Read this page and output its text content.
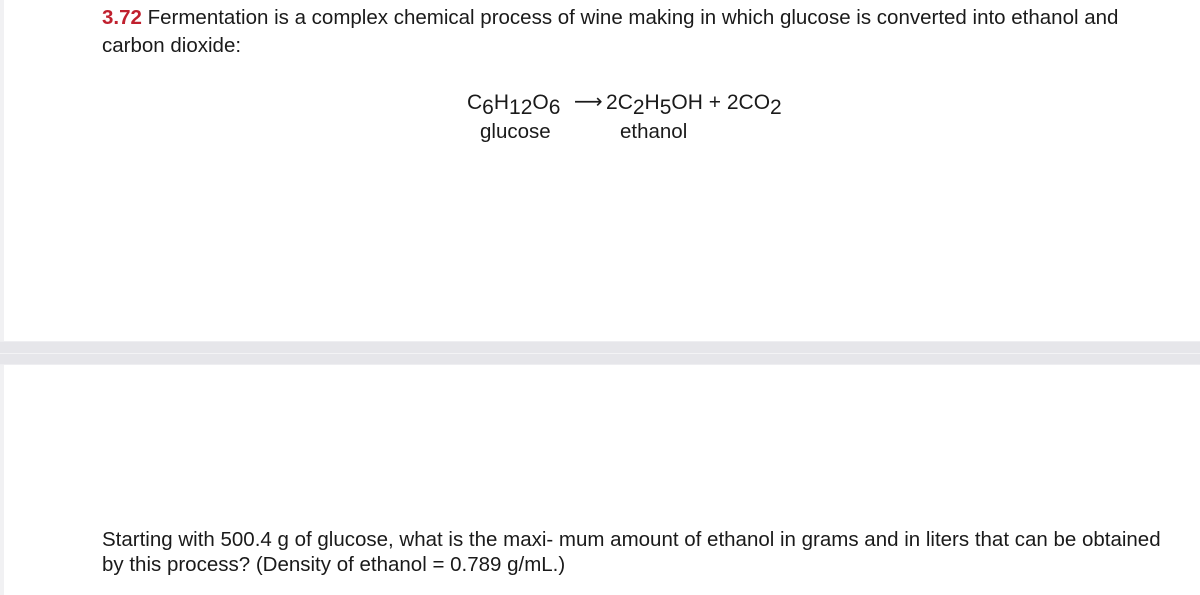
3.72 Fermentation is a complex chemical process of wine making in which glucose is converted into ethanol and carbon dioxide:

$C_6H_{12}O_6$ ⟶ $2C_2H_5OH + 2CO_2$
glucose	ethanol

Starting with 500.4 g of glucose, what is the maxi- mum amount of ethanol in grams and in liters that can be obtained by this process? (Density of ethanol = 0.789 g/mL.)
